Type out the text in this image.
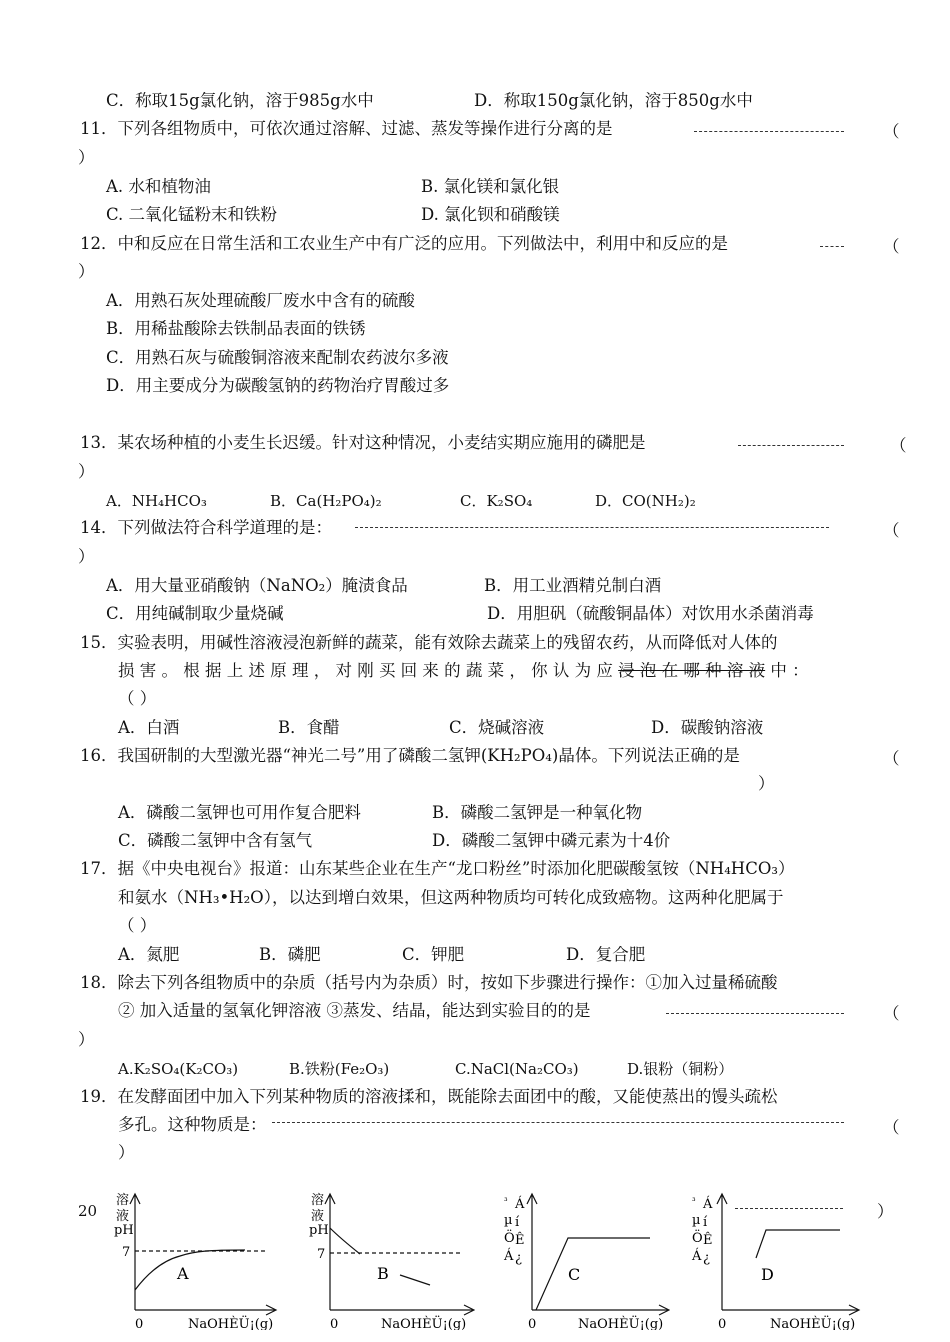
C．称取15g氯化钠，溶于985g水中	D．称取150g氯化钠，溶于850g水中
11．下列各组物质中，可依次通过溶解、过滤、蒸发等操作进行分离的是	（
）
A. 水和植物油	B. 氯化镁和氯化银
C. 二氧化锰粉末和铁粉	D. 氯化钡和硝酸镁
12．中和反应在日常生活和工农业生产中有广泛的应用。下列做法中，利用中和反应的是	（
）
A．用熟石灰处理硫酸厂废水中含有的硫酸
B．用稀盐酸除去铁制品表面的铁锈
C．用熟石灰与硫酸铜溶液来配制农药波尔多液
D．用主要成分为碳酸氢钠的药物治疗胃酸过多
13．某农场种植的小麦生长迟缓。针对这种情况，小麦结实期应施用的磷肥是	（
）
A．NH₄HCO₃	B．Ca(H₂PO₄)₂	C．K₂SO₄	D．CO(NH₂)₂
14．下列做法符合科学道理的是：	（
）
A．用大量亚硝酸钠（NaNO₂）腌渍食品	B．用工业酒精兑制白酒
C．用纯碱制取少量烧碱	D．用胆矾（硫酸铜晶体）对饮用水杀菌消毒
15．实验表明，用碱性溶液浸泡新鲜的蔬菜，能有效除去蔬菜上的残留农药，从而降低对人体的
损 害 。 根 据 上 述 原 理 ， 对 刚 买 回 来 的 蔬 菜 ， 你 认 为 应 浸 泡 在 哪 种 溶 液 中 ：
（ ）
A．白酒	B．食醋	C．烧碱溶液	D．碳酸钠溶液
16．我国研制的大型激光器“神光二号”用了磷酸二氢钾(KH₂PO₄)晶体。下列说法正确的是	（
）
A．磷酸二氢钾也可用作复合肥料	B．磷酸二氢钾是一种氧化物
C．磷酸二氢钾中含有氢气	D．磷酸二氢钾中磷元素为十4价
17．据《中央电视台》报道：山东某些企业在生产“龙口粉丝”时添加化肥碳酸氢铵（NH₄HCO₃）
和氨水（NH₃•H₂O），以达到增白效果，但这两种物质均可转化成致癌物。这两种化肥属于
（ ）
A．氮肥	B．磷肥	C．钾肥	D．复合肥
18．除去下列各组物质中的杂质（括号内为杂质）时，按如下步骤进行操作：①加入过量稀硫酸
② 加入适量的氢氧化钾溶液 ③蒸发、结晶，能达到实验目的的是	（
）
A.K₂SO₄(K₂CO₃)	B.铁粉(Fe₂O₃)	C.NaCl(Na₂CO₃)	D.银粉（铜粉）
19．在发酵面团中加入下列某种物质的溶液揉和，既能除去面团中的酸，又能使蒸出的馒头疏松
多孔。这种物质是：	（
）
20	）
溶
液
pH
7
A
0	NaOHÈÜ¡(g)
溶
液
pH
7
B
0	NaOHÈÜ¡(g)
³ Á
µ í
Ö Ê
Á ¿
C
0	NaOHÈÜ¡(g)
³ Á
µ í
Ö Ê
Á ¿
D
0	NaOHÈÜ¡(g)
